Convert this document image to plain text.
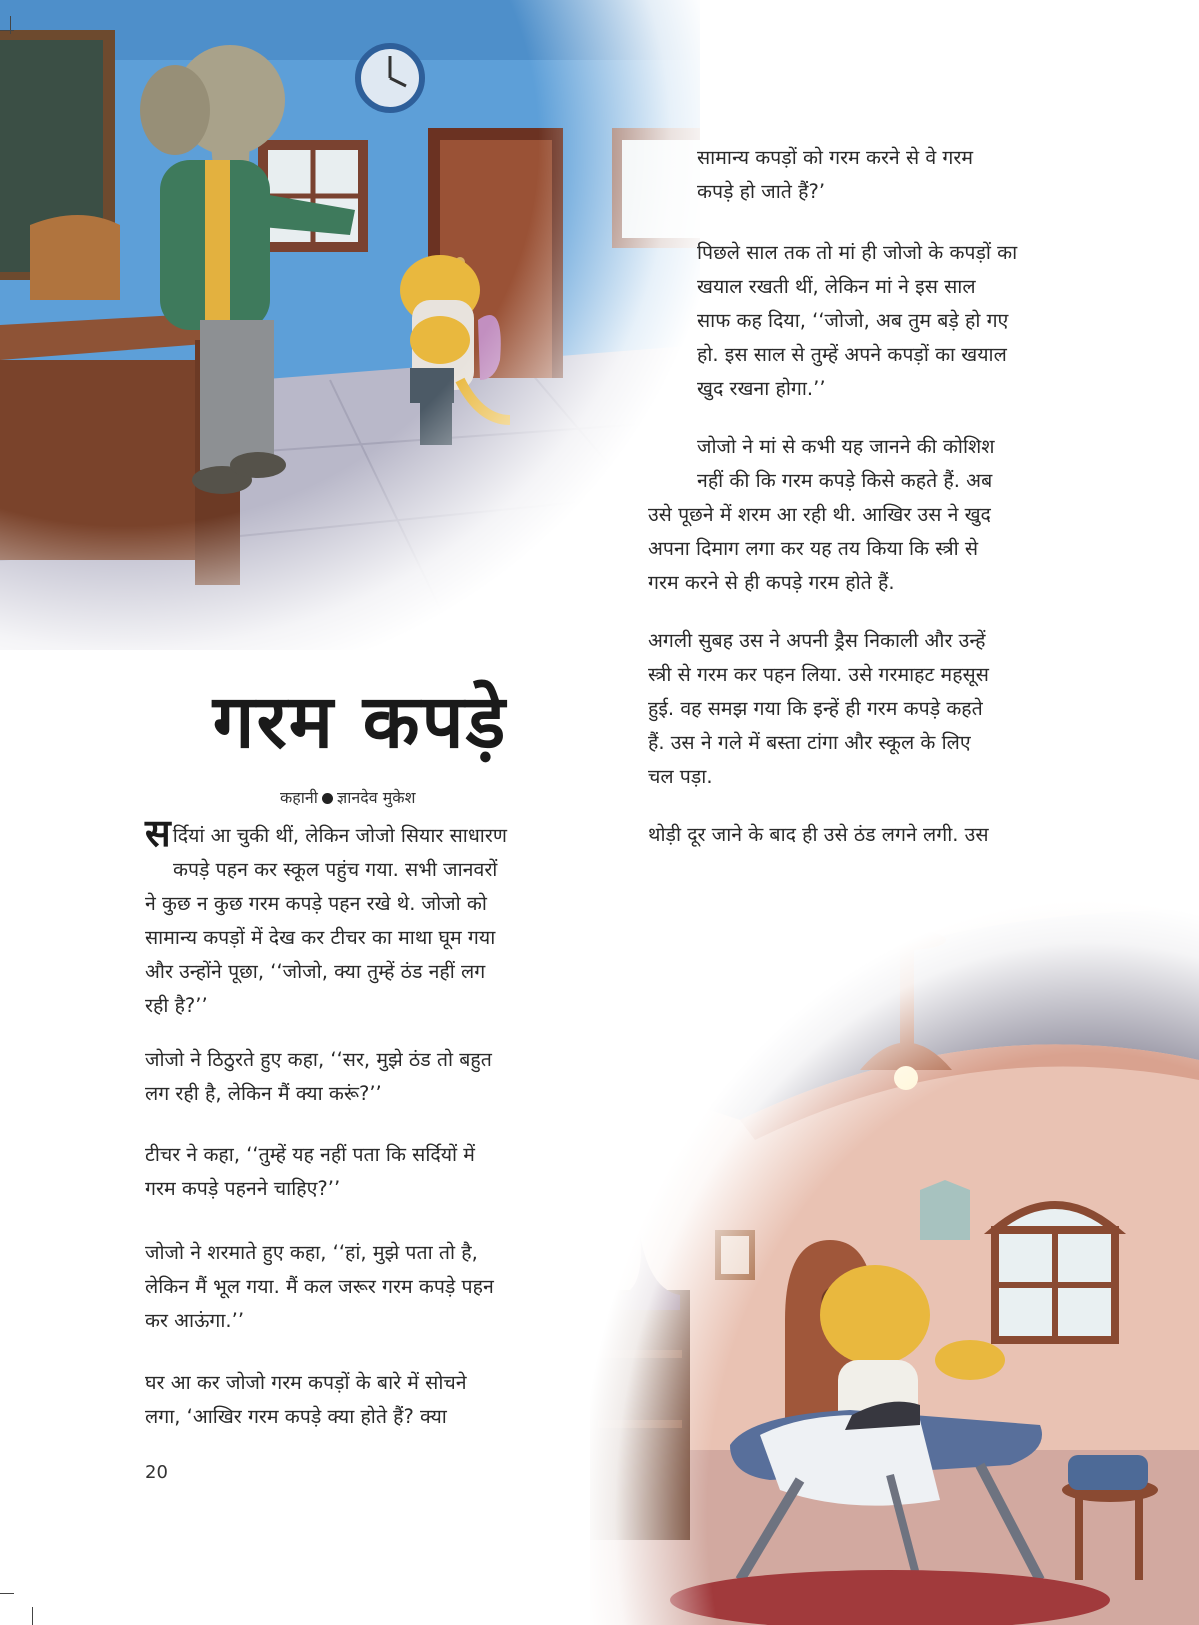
गरम कपड़े
कहानी ज्ञानदेव मुकेश
सर्दियां आ चुकी थीं, लेकिन जोजो सियार साधारण
कपड़े पहन कर स्कूल पहुंच गया. सभी जानवरों
ने कुछ न कुछ गरम कपड़े पहन रखे थे. जोजो को
सामान्य कपड़ों में देख कर टीचर का माथा घूम गया
और उन्होंने पूछा, ‘‘जोजो, क्या तुम्हें ठंड नहीं लग
रही है?’’
जोजो ने ठिठुरते हुए कहा, ‘‘सर, मुझे ठंड तो बहुत
लग रही है, लेकिन मैं क्या करूं?’’
टीचर ने कहा, ‘‘तुम्हें यह नहीं पता कि सर्दियों में
गरम कपड़े पहनने चाहिए?’’
जोजो ने शरमाते हुए कहा, ‘‘हां, मुझे पता तो है,
लेकिन मैं भूल गया. मैं कल जरूर गरम कपड़े पहन
कर आऊंगा.’’
घर आ कर जोजो गरम कपड़ों के बारे में सोचने
लगा, ‘आखिर गरम कपड़े क्या होते हैं? क्या
सामान्य कपड़ों को गरम करने से वे गरम
कपड़े हो जाते हैं?’
पिछले साल तक तो मां ही जोजो के कपड़ों का
खयाल रखती थीं, लेकिन मां ने इस साल
साफ कह दिया, ‘‘जोजो, अब तुम बड़े हो गए
हो. इस साल से तुम्हें अपने कपड़ों का खयाल
खुद रखना होगा.’’
जोजो ने मां से कभी यह जानने की कोशिश
नहीं की कि गरम कपड़े किसे कहते हैं. अब
उसे पूछने में शरम आ रही थी. आखिर उस ने खुद
अपना दिमाग लगा कर यह तय किया कि स्त्री से
गरम करने से ही कपड़े गरम होते हैं.
अगली सुबह उस ने अपनी ड्रैस निकाली और उन्हें
स्त्री से गरम कर पहन लिया. उसे गरमाहट महसूस
हुई. वह समझ गया कि इन्हें ही गरम कपड़े कहते
हैं. उस ने गले में बस्ता टांगा और स्कूल के लिए
चल पड़ा.
थोड़ी दूर जाने के बाद ही उसे ठंड लगने लगी. उस
20
